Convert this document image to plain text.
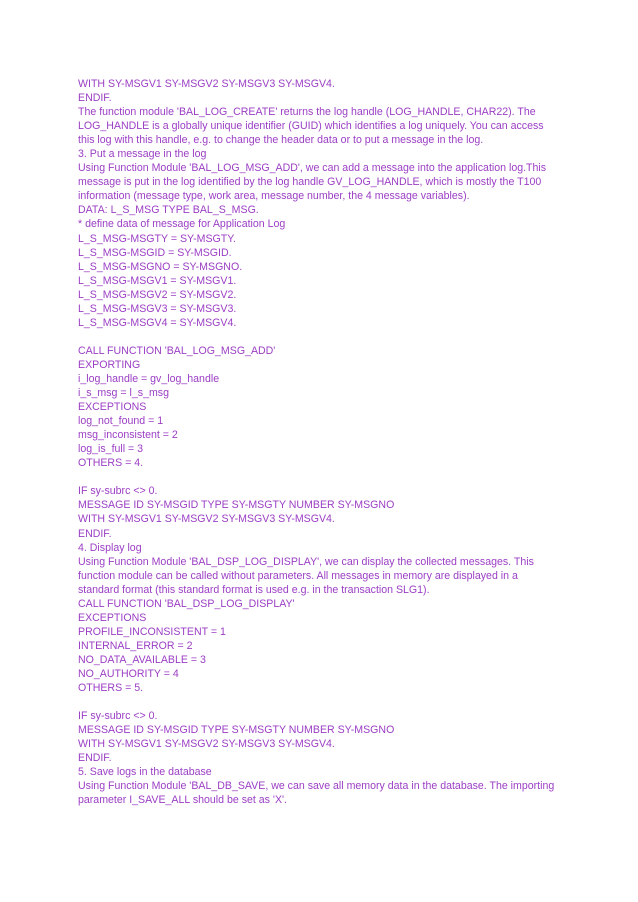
WITH SY-MSGV1 SY-MSGV2 SY-MSGV3 SY-MSGV4.
ENDIF.
The function module 'BAL_LOG_CREATE' returns the log handle (LOG_HANDLE, CHAR22). The
LOG_HANDLE is a globally unique identifier (GUID) which identifies a log uniquely. You can access
this log with this handle, e.g. to change the header data or to put a message in the log.
3. Put a message in the log
Using Function Module 'BAL_LOG_MSG_ADD', we can add a message into the application log.This
message is put in the log identified by the log handle GV_LOG_HANDLE, which is mostly the T100
information (message type, work area, message number, the 4 message variables).
DATA: L_S_MSG TYPE BAL_S_MSG.
* define data of message for Application Log
L_S_MSG-MSGTY = SY-MSGTY.
L_S_MSG-MSGID = SY-MSGID.
L_S_MSG-MSGNO = SY-MSGNO.
L_S_MSG-MSGV1 = SY-MSGV1.
L_S_MSG-MSGV2 = SY-MSGV2.
L_S_MSG-MSGV3 = SY-MSGV3.
L_S_MSG-MSGV4 = SY-MSGV4.
CALL FUNCTION 'BAL_LOG_MSG_ADD'
EXPORTING
i_log_handle = gv_log_handle
i_s_msg = l_s_msg
EXCEPTIONS
log_not_found = 1
msg_inconsistent = 2
log_is_full = 3
OTHERS = 4.
IF sy-subrc <> 0.
MESSAGE ID SY-MSGID TYPE SY-MSGTY NUMBER SY-MSGNO
WITH SY-MSGV1 SY-MSGV2 SY-MSGV3 SY-MSGV4.
ENDIF.
4. Display log
Using Function Module 'BAL_DSP_LOG_DISPLAY', we can display the collected messages. This
function module can be called without parameters. All messages in memory are displayed in a
standard format (this standard format is used e.g. in the transaction SLG1).
CALL FUNCTION 'BAL_DSP_LOG_DISPLAY'
EXCEPTIONS
PROFILE_INCONSISTENT = 1
INTERNAL_ERROR = 2
NO_DATA_AVAILABLE = 3
NO_AUTHORITY = 4
OTHERS = 5.
IF sy-subrc <> 0.
MESSAGE ID SY-MSGID TYPE SY-MSGTY NUMBER SY-MSGNO
WITH SY-MSGV1 SY-MSGV2 SY-MSGV3 SY-MSGV4.
ENDIF.
5. Save logs in the database
Using Function Module 'BAL_DB_SAVE, we can save all memory data in the database. The importing
parameter I_SAVE_ALL should be set as 'X'.
